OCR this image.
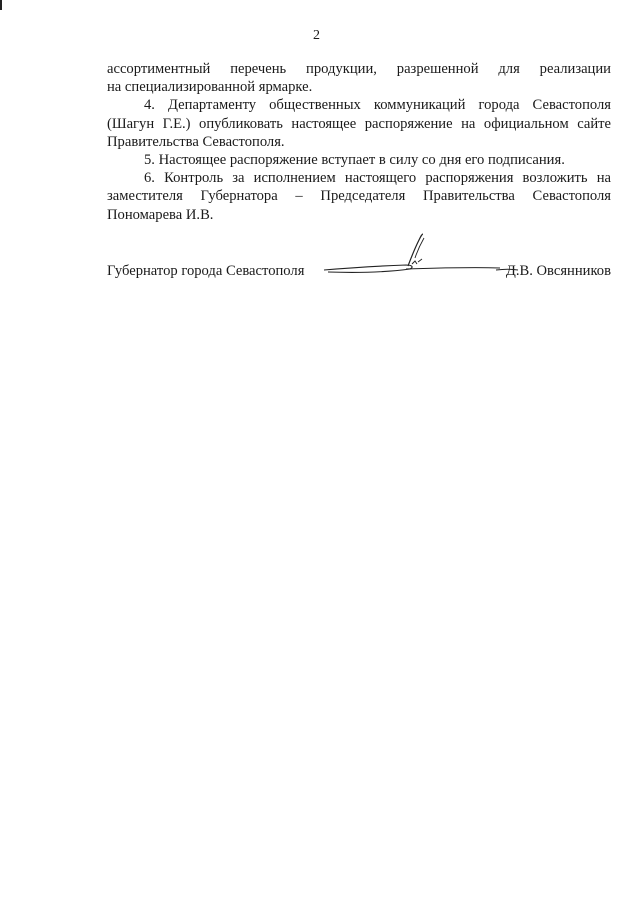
2

ассортиментный перечень продукции, разрешенной для реализации

на специализированной ярмарке.

4. Департаменту общественных коммуникаций города Севастополя (Шагун Г.Е.) опубликовать настоящее распоряжение на официальном сайте Правительства Севастополя.

5. Настоящее распоряжение вступает в силу со дня его подписания.

6. Контроль за исполнением настоящего распоряжения возложить на заместителя Губернатора – Председателя Правительства Севастополя Пономарева И.В.

Губернатор города Севастополя	Д.В. Овсянников
